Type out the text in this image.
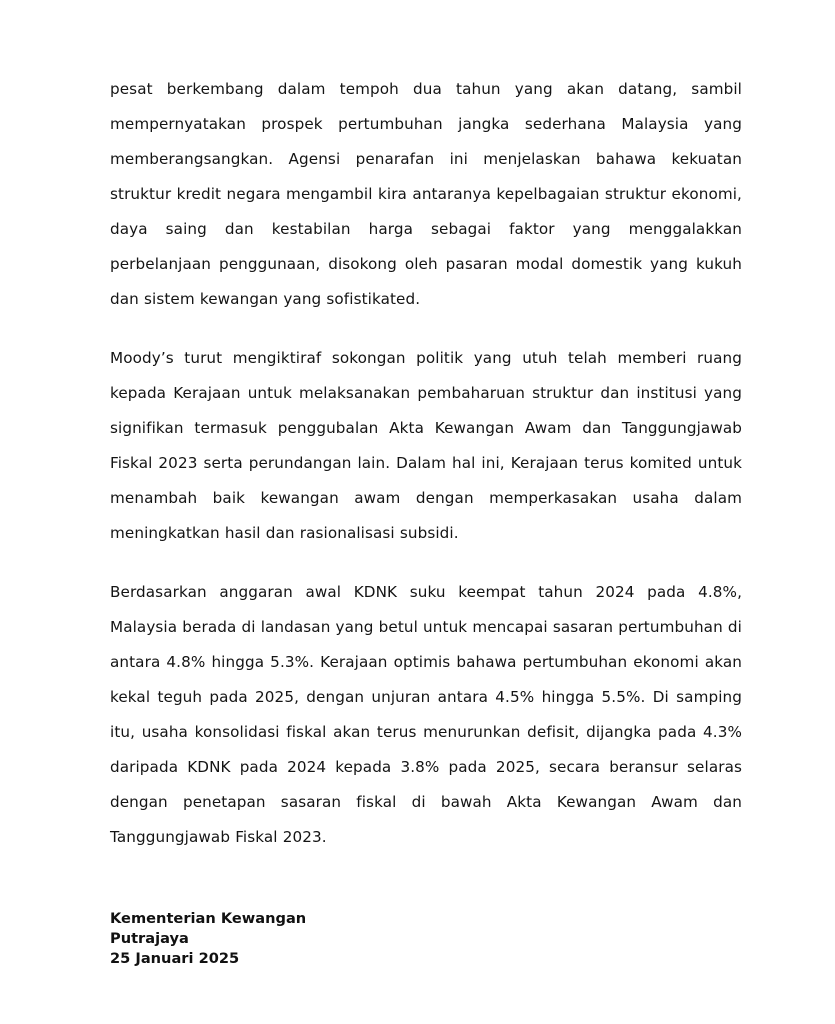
pesat berkembang dalam tempoh dua tahun yang akan datang, sambil mempernyatakan prospek pertumbuhan jangka sederhana Malaysia yang memberangsangkan. Agensi penarafan ini menjelaskan bahawa kekuatan struktur kredit negara mengambil kira antaranya kepelbagaian struktur ekonomi, daya saing dan kestabilan harga sebagai faktor yang menggalakkan perbelanjaan penggunaan, disokong oleh pasaran modal domestik yang kukuh dan sistem kewangan yang sofistikated.

Moody’s turut mengiktiraf sokongan politik yang utuh telah memberi ruang kepada Kerajaan untuk melaksanakan pembaharuan struktur dan institusi yang signifikan termasuk penggubalan Akta Kewangan Awam dan Tanggungjawab Fiskal 2023 serta perundangan lain. Dalam hal ini, Kerajaan terus komited untuk menambah baik kewangan awam dengan memperkasakan usaha dalam meningkatkan hasil dan rasionalisasi subsidi.

Berdasarkan anggaran awal KDNK suku keempat tahun 2024 pada 4.8%, Malaysia berada di landasan yang betul untuk mencapai sasaran pertumbuhan di antara 4.8% hingga 5.3%. Kerajaan optimis bahawa pertumbuhan ekonomi akan kekal teguh pada 2025, dengan unjuran antara 4.5% hingga 5.5%. Di samping itu, usaha konsolidasi fiskal akan terus menurunkan defisit, dijangka pada 4.3% daripada KDNK pada 2024 kepada 3.8% pada 2025, secara beransur selaras dengan penetapan sasaran fiskal di bawah Akta Kewangan Awam dan Tanggungjawab Fiskal 2023.

Kementerian Kewangan
Putrajaya
25 Januari 2025
